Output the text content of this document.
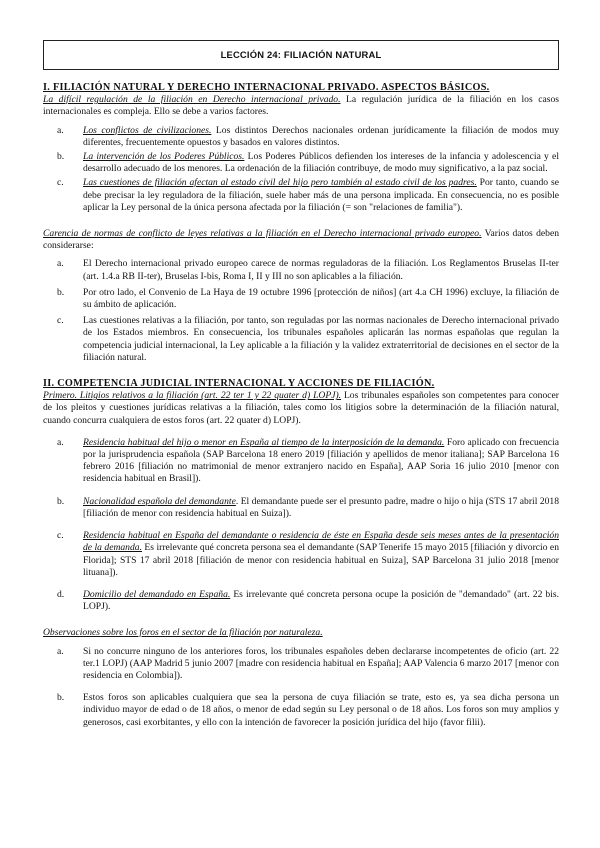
LECCIÓN 24: FILIACIÓN NATURAL
I. FILIACIÓN NATURAL Y DERECHO INTERNACIONAL PRIVADO. ASPECTOS BÁSICOS.

La difícil regulación de la filiación en Derecho internacional privado. La regulación jurídica de la filiación en los casos internacionales es compleja. Ello se debe a varios factores.

a.	Los conflictos de civilizaciones. Los distintos Derechos nacionales ordenan jurídicamente la filiación de modos muy diferentes, frecuentemente opuestos y basados en valores distintos.
b.	La intervención de los Poderes Públicos. Los Poderes Públicos defienden los intereses de la infancia y adolescencia y el desarrollo adecuado de los menores. La ordenación de la filiación contribuye, de modo muy significativo, a la paz social.
c.	Las cuestiones de filiación afectan al estado civil del hijo pero también al estado civil de los padres. Por tanto, cuando se debe precisar la ley reguladora de la filiación, suele haber más de una persona implicada. En consecuencia, no es posible aplicar la Ley personal de la única persona afectada por la filiación (= son "relaciones de familia").

Carencia de normas de conflicto de leyes relativas a la filiación en el Derecho internacional privado europeo. Varios datos deben considerarse:

a.	El Derecho internacional privado europeo carece de normas reguladoras de la filiación. Los Reglamentos Bruselas II-ter (art. 1.4.a RB II-ter), Bruselas I-bis, Roma I, II y III no son aplicables a la filiación.
b.	Por otro lado, el Convenio de La Haya de 19 octubre 1996 [protección de niños] (art 4.a CH 1996) excluye, la filiación de su ámbito de aplicación.
c.	Las cuestiones relativas a la filiación, por tanto, son reguladas por las normas nacionales de Derecho internacional privado de los Estados miembros. En consecuencia, los tribunales españoles aplicarán las normas españolas que regulan la competencia judicial internacional, la Ley aplicable a la filiación y la validez extraterritorial de decisiones en el sector de la filiación natural.
II. COMPETENCIA JUDICIAL INTERNACIONAL Y ACCIONES DE FILIACIÓN.

Primero. Litigios relativos a la filiación (art. 22 ter 1 y 22 quater d) LOPJ). Los tribunales españoles son competentes para conocer de los pleitos y cuestiones jurídicas relativas a la filiación, tales como los litigios sobre la determinación de la filiación natural, cuando concurra cualquiera de estos foros (art. 22 quater d) LOPJ).

a.	Residencia habitual del hijo o menor en España al tiempo de la interposición de la demanda. Foro aplicado con frecuencia por la jurisprudencia española (SAP Barcelona 18 enero 2019 [filiación y apellidos de menor italiana]; SAP Barcelona 16 febrero 2016 [filiación no matrimonial de menor extranjero nacido en España], AAP Soria 16 julio 2010 [menor con residencia habitual en Brasil]).
b.	Nacionalidad española del demandante. El demandante puede ser el presunto padre, madre o hijo o hija (STS 17 abril 2018 [filiación de menor con residencia habitual en Suiza]).
c.	Residencia habitual en España del demandante o residencia de éste en España desde seis meses antes de la presentación de la demanda. Es irrelevante qué concreta persona sea el demandante (SAP Tenerife 15 mayo 2015 [filiación y divorcio en Florida]; STS 17 abril 2018 [filiación de menor con residencia habitual en Suiza], SAP Barcelona 31 julio 2018 [menor lituana]).
d.	Domicilio del demandado en España. Es irrelevante qué concreta persona ocupe la posición de "demandado" (art. 22 bis. LOPJ).

Observaciones sobre los foros en el sector de la filiación por naturaleza.

a.	Si no concurre ninguno de los anteriores foros, los tribunales españoles deben declararse incompetentes de oficio (art. 22 ter.1 LOPJ) (AAP Madrid 5 junio 2007 [madre con residencia habitual en España]; AAP Valencia 6 marzo 2017 [menor con residencia en Colombia]).
b.	Estos foros son aplicables cualquiera que sea la persona de cuya filiación se trate, esto es, ya sea dicha persona un individuo mayor de edad o de 18 años, o menor de edad según su Ley personal o de 18 años. Los foros son muy amplios y generosos, casi exorbitantes, y ello con la intención de favorecer la posición jurídica del hijo (favor filii).
